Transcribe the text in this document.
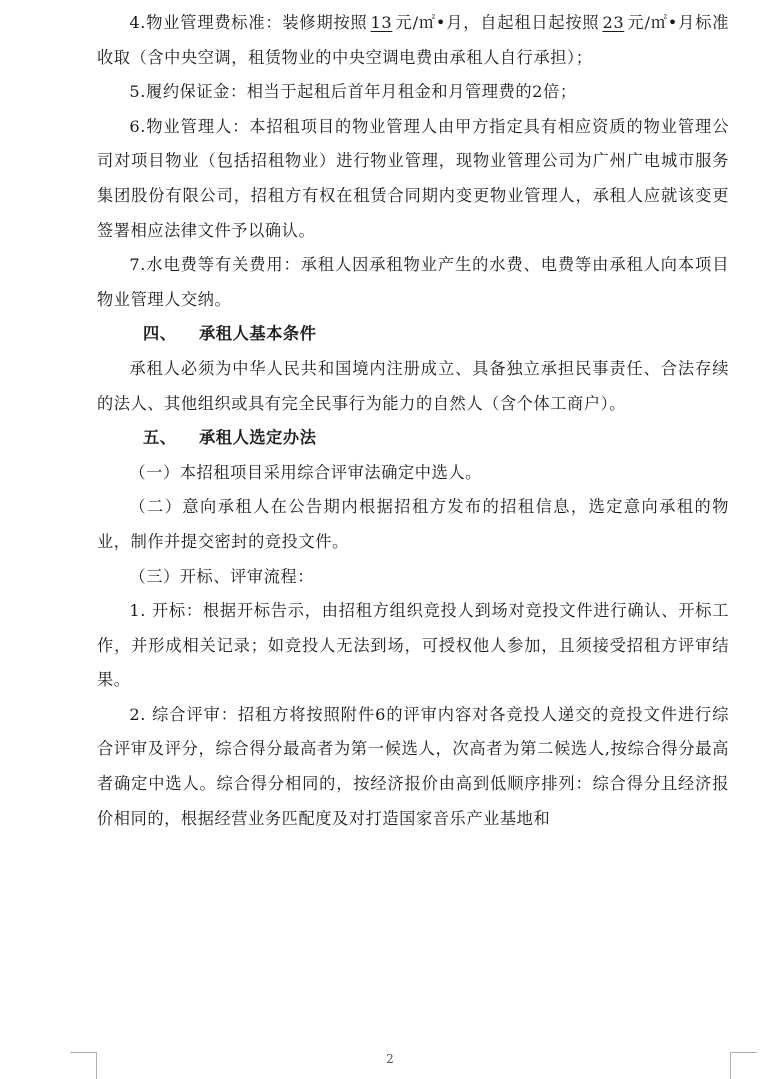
4.物业管理费标准：装修期按照 13 元/㎡•月，自起租日起按照 23 元/㎡•月标准收取（含中央空调，租赁物业的中央空调电费由承租人自行承担）；

5.履约保证金：相当于起租后首年月租金和月管理费的2倍；

6.物业管理人：本招租项目的物业管理人由甲方指定具有相应资质的物业管理公司对项目物业（包括招租物业）进行物业管理，现物业管理公司为广州广电城市服务集团股份有限公司，招租方有权在租赁合同期内变更物业管理人，承租人应就该变更签署相应法律文件予以确认。

7.水电费等有关费用：承租人因承租物业产生的水费、电费等由承租人向本项目物业管理人交纳。

四、 承租人基本条件

承租人必须为中华人民共和国境内注册成立、具备独立承担民事责任、合法存续的法人、其他组织或具有完全民事行为能力的自然人（含个体工商户）。

五、 承租人选定办法

（一）本招租项目采用综合评审法确定中选人。

（二）意向承租人在公告期内根据招租方发布的招租信息，选定意向承租的物业，制作并提交密封的竞投文件。

（三）开标、评审流程：

1. 开标：根据开标告示，由招租方组织竞投人到场对竞投文件进行确认、开标工作，并形成相关记录；如竞投人无法到场，可授权他人参加，且须接受招租方评审结果。

2. 综合评审：招租方将按照附件6的评审内容对各竞投人递交的竞投文件进行综合评审及评分，综合得分最高者为第一候选人，次高者为第二候选人,按综合得分最高者确定中选人。综合得分相同的，按经济报价由高到低顺序排列：综合得分且经济报价相同的，根据经营业务匹配度及对打造国家音乐产业基地和

2
